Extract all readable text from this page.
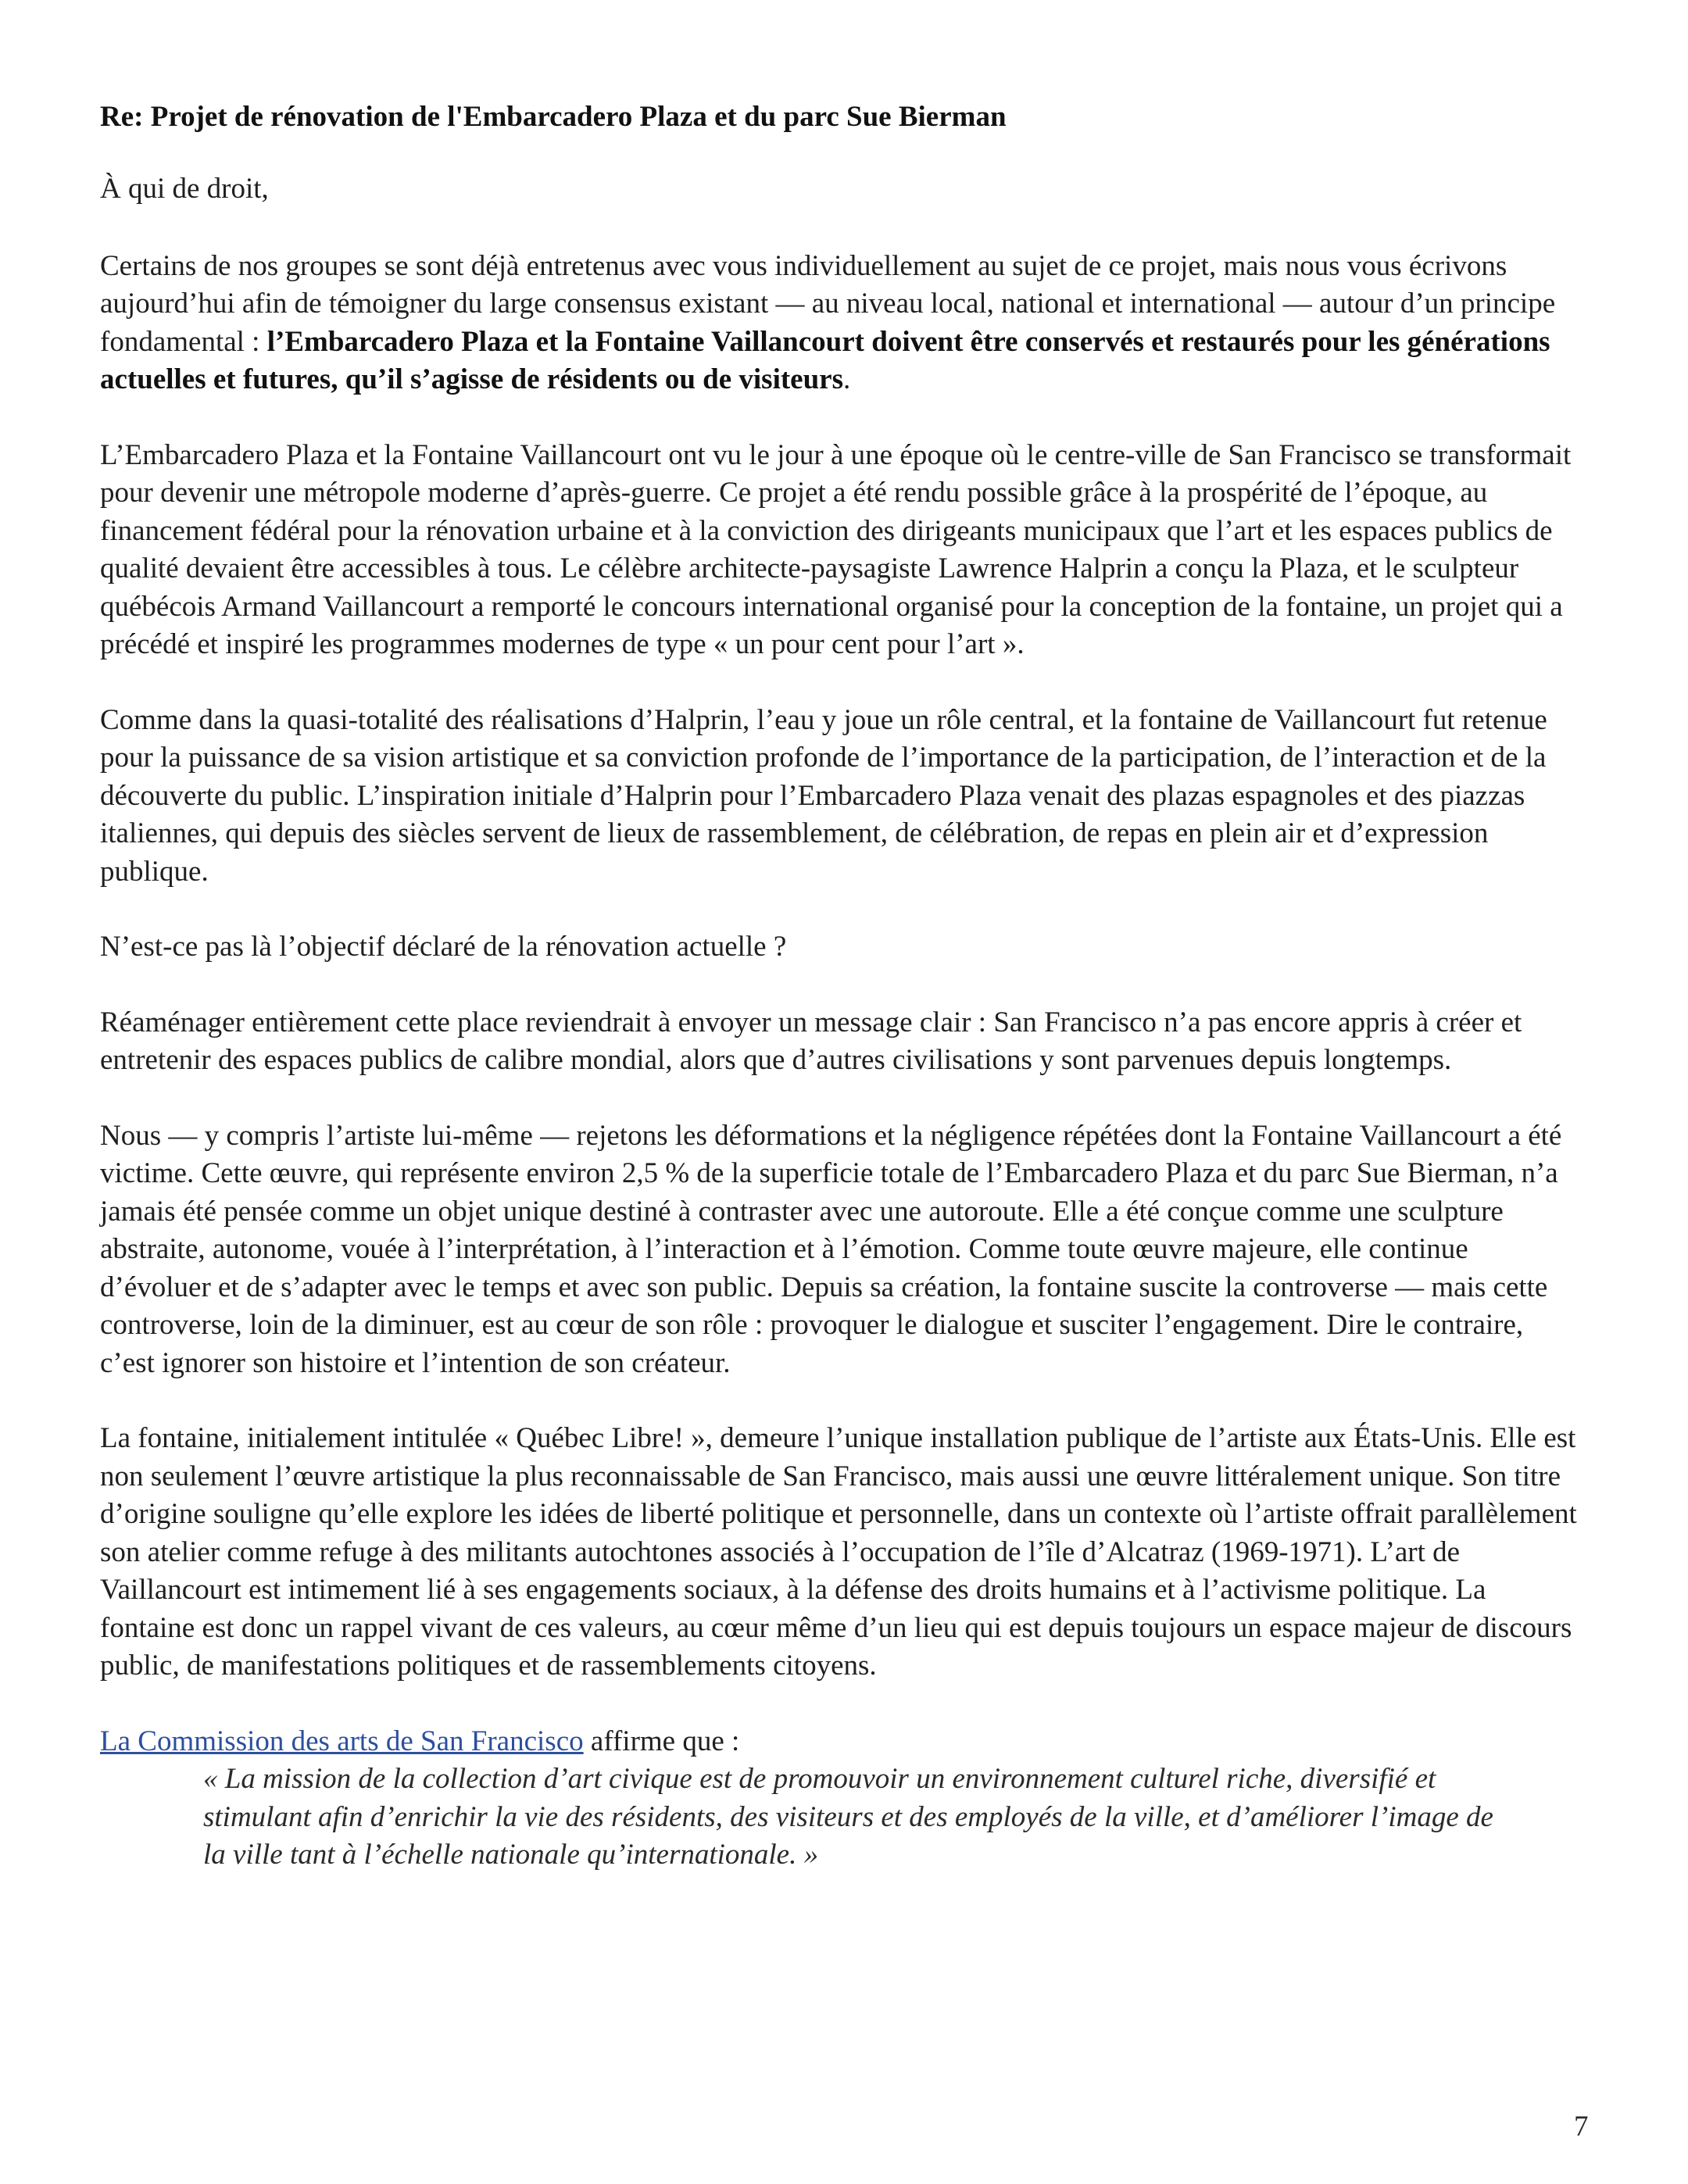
Re: Projet de rénovation de l'Embarcadero Plaza et du parc Sue Bierman

À qui de droit,

Certains de nos groupes se sont déjà entretenus avec vous individuellement au sujet de ce projet, mais nous vous écrivons aujourd’hui afin de témoigner du large consensus existant — au niveau local, national et international — autour d’un principe fondamental : l’Embarcadero Plaza et la Fontaine Vaillancourt doivent être conservés et restaurés pour les générations actuelles et futures, qu’il s’agisse de résidents ou de visiteurs.

L’Embarcadero Plaza et la Fontaine Vaillancourt ont vu le jour à une époque où le centre-ville de San Francisco se transformait pour devenir une métropole moderne d’après-guerre. Ce projet a été rendu possible grâce à la prospérité de l’époque, au financement fédéral pour la rénovation urbaine et à la conviction des dirigeants municipaux que l’art et les espaces publics de qualité devaient être accessibles à tous. Le célèbre architecte-paysagiste Lawrence Halprin a conçu la Plaza, et le sculpteur québécois Armand Vaillancourt a remporté le concours international organisé pour la conception de la fontaine, un projet qui a précédé et inspiré les programmes modernes de type « un pour cent pour l’art ».

Comme dans la quasi-totalité des réalisations d’Halprin, l’eau y joue un rôle central, et la fontaine de Vaillancourt fut retenue pour la puissance de sa vision artistique et sa conviction profonde de l’importance de la participation, de l’interaction et de la découverte du public. L’inspiration initiale d’Halprin pour l’Embarcadero Plaza venait des plazas espagnoles et des piazzas italiennes, qui depuis des siècles servent de lieux de rassemblement, de célébration, de repas en plein air et d’expression publique.

N’est-ce pas là l’objectif déclaré de la rénovation actuelle ?

Réaménager entièrement cette place reviendrait à envoyer un message clair : San Francisco n’a pas encore appris à créer et entretenir des espaces publics de calibre mondial, alors que d’autres civilisations y sont parvenues depuis longtemps.

Nous — y compris l’artiste lui-même — rejetons les déformations et la négligence répétées dont la Fontaine Vaillancourt a été victime. Cette œuvre, qui représente environ 2,5 % de la superficie totale de l’Embarcadero Plaza et du parc Sue Bierman, n’a jamais été pensée comme un objet unique destiné à contraster avec une autoroute. Elle a été conçue comme une sculpture abstraite, autonome, vouée à l’interprétation, à l’interaction et à l’émotion. Comme toute œuvre majeure, elle continue d’évoluer et de s’adapter avec le temps et avec son public. Depuis sa création, la fontaine suscite la controverse — mais cette controverse, loin de la diminuer, est au cœur de son rôle : provoquer le dialogue et susciter l’engagement. Dire le contraire, c’est ignorer son histoire et l’intention de son créateur.

La fontaine, initialement intitulée « Québec Libre! », demeure l’unique installation publique de l’artiste aux États-Unis. Elle est non seulement l’œuvre artistique la plus reconnaissable de San Francisco, mais aussi une œuvre littéralement unique. Son titre d’origine souligne qu’elle explore les idées de liberté politique et personnelle, dans un contexte où l’artiste offrait parallèlement son atelier comme refuge à des militants autochtones associés à l’occupation de l’île d’Alcatraz (1969-1971). L’art de Vaillancourt est intimement lié à ses engagements sociaux, à la défense des droits humains et à l’activisme politique. La fontaine est donc un rappel vivant de ces valeurs, au cœur même d’un lieu qui est depuis toujours un espace majeur de discours public, de manifestations politiques et de rassemblements citoyens.

La Commission des arts de San Francisco affirme que :

« La mission de la collection d’art civique est de promouvoir un environnement culturel riche, diversifié et stimulant afin d’enrichir la vie des résidents, des visiteurs et des employés de la ville, et d’améliorer l’image de la ville tant à l’échelle nationale qu’internationale. »
7
